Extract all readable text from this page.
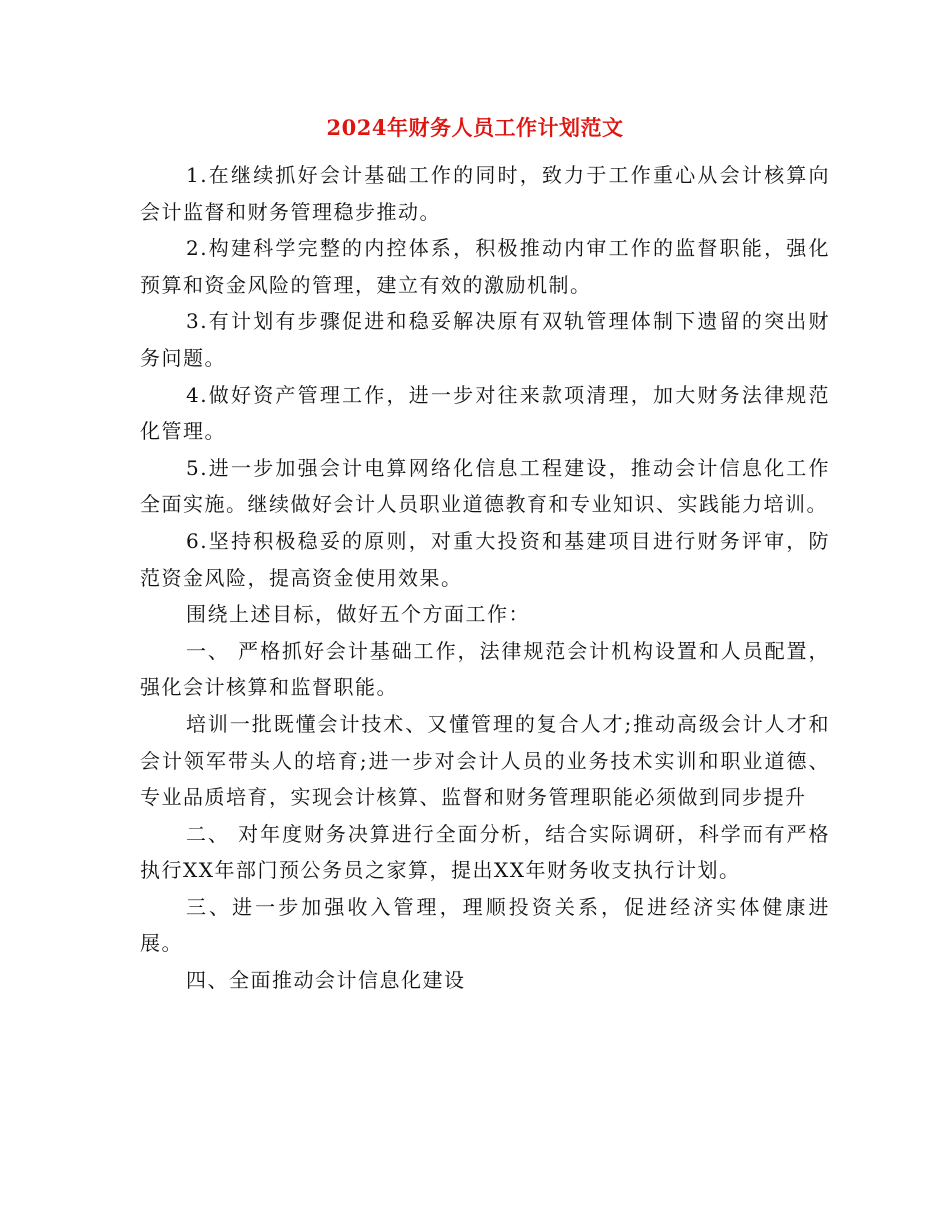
2024年财务人员工作计划范文

1.在继续抓好会计基础工作的同时，致力于工作重心从会计核算向会计监督和财务管理稳步推动。

2.构建科学完整的内控体系，积极推动内审工作的监督职能，强化预算和资金风险的管理，建立有效的激励机制。

3.有计划有步骤促进和稳妥解决原有双轨管理体制下遗留的突出财务问题。

4.做好资产管理工作，进一步对往来款项清理，加大财务法律规范化管理。

5.进一步加强会计电算网络化信息工程建设，推动会计信息化工作全面实施。继续做好会计人员职业道德教育和专业知识、实践能力培训。

6.坚持积极稳妥的原则，对重大投资和基建项目进行财务评审，防范资金风险，提高资金使用效果。

围绕上述目标，做好五个方面工作：

一、 严格抓好会计基础工作，法律规范会计机构设置和人员配置，强化会计核算和监督职能。

培训一批既懂会计技术、又懂管理的复合人才;推动高级会计人才和会计领军带头人的培育;进一步对会计人员的业务技术实训和职业道德、专业品质培育，实现会计核算、监督和财务管理职能必须做到同步提升

二、 对年度财务决算进行全面分析，结合实际调研，科学而有严格执行XX年部门预公务员之家算，提出XX年财务收支执行计划。

三、进一步加强收入管理，理顺投资关系，促进经济实体健康进展。

四、全面推动会计信息化建设
